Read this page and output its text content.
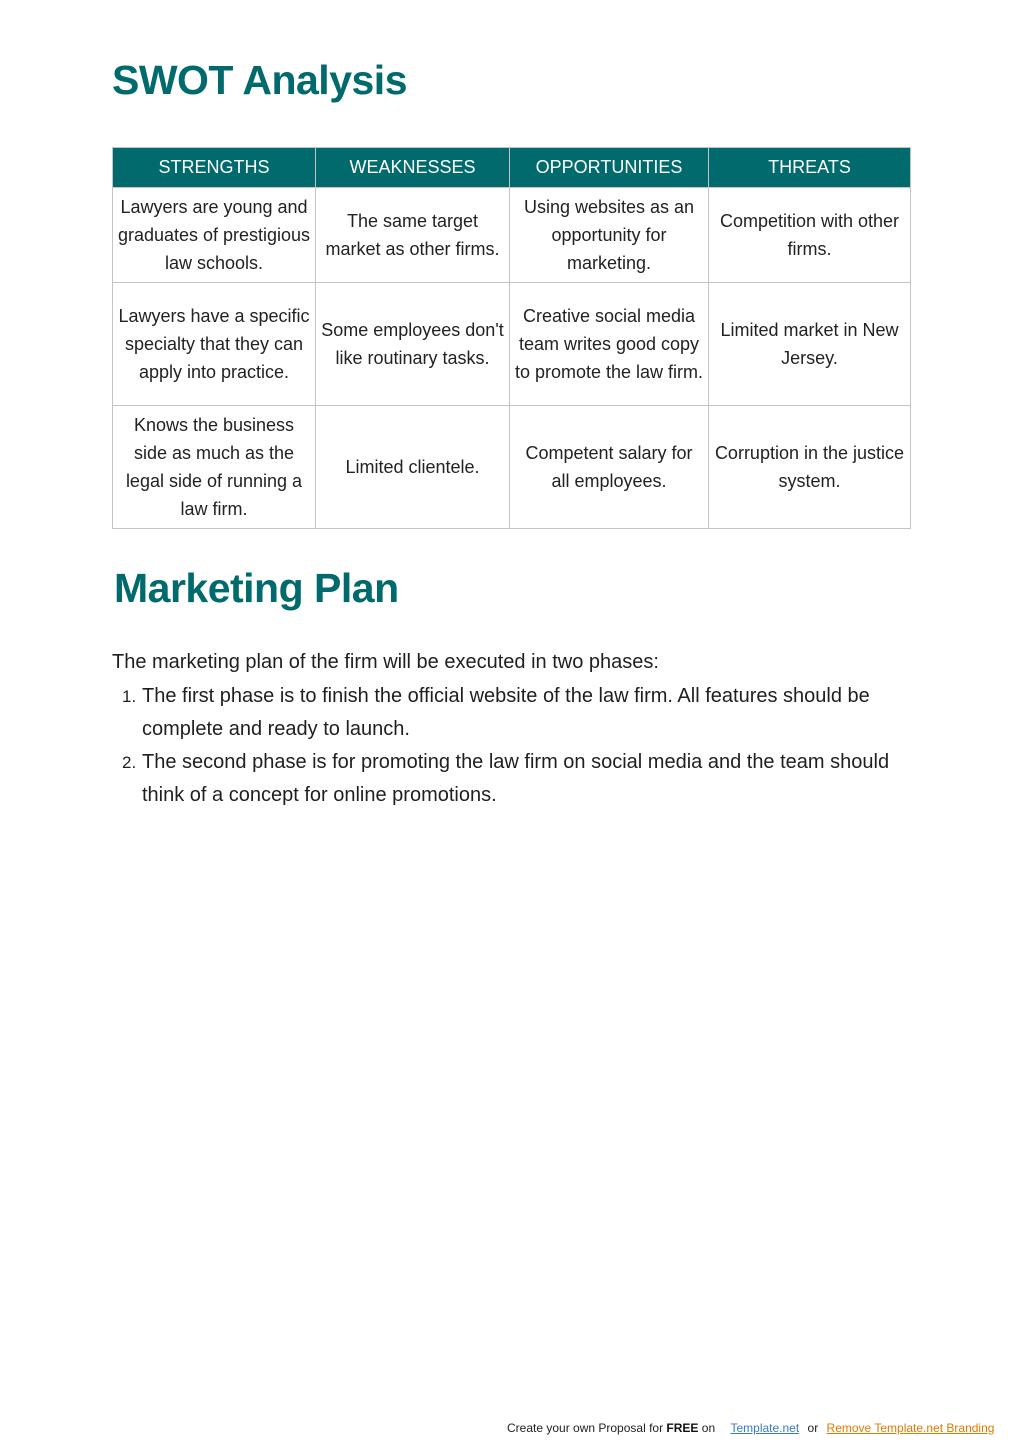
SWOT Analysis
STRENGTHS	WEAKNESSES	OPPORTUNITIES	THREATS
Lawyers are young and graduates of prestigious law schools.	The same target market as other firms.	Using websites as an opportunity for marketing.	Competition with other firms.
Lawyers have a specific specialty that they can apply into practice.	Some employees don't like routinary tasks.	Creative social media team writes good copy to promote the law firm.	Limited market in New Jersey.
Knows the business side as much as the legal side of running a law firm.	Limited clientele.	Competent salary for all employees.	Corruption in the justice system.
Marketing Plan

The marketing plan of the firm will be executed in two phases:

1. The first phase is to finish the official website of the law firm. All features should be complete and ready to launch.
2. The second phase is for promoting the law firm on social media and the team should think of a concept for online promotions.
Create your own Proposal for FREE on Template.net or Remove Template.net Branding
